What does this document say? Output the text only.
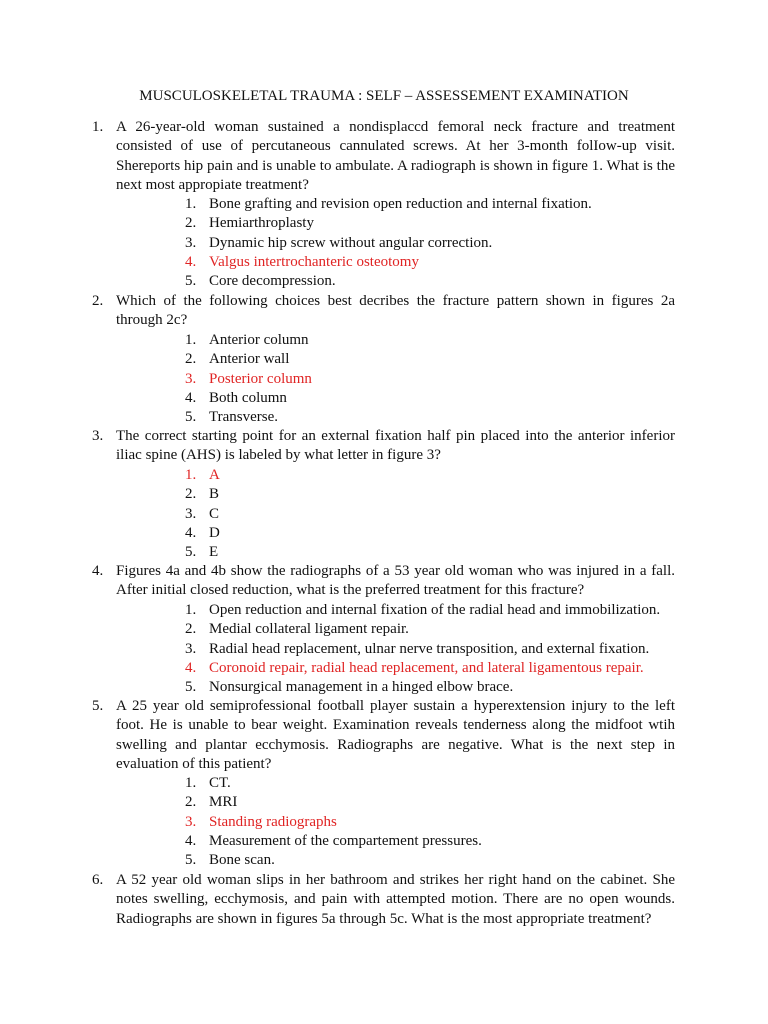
MUSCULOSKELETAL TRAUMA : SELF – ASSESSEMENT EXAMINATION
1. A 26-year-old woman sustained a nondisplaccd femoral neck fracture and treatment consisted of use of percutaneous cannulated screws. At her 3-month folIow-up visit. Shereports hip pain and is unable to ambulate. A radiograph is shown in figure 1. What is the next most appropiate treatment?
1. Bone grafting and revision open reduction and internal fixation.
2. Hemiarthroplasty
3. Dynamic hip screw without angular correction.
4. Valgus intertrochanteric osteotomy
5. Core decompression.
2. Which of the following choices best decribes the fracture pattern shown in figures 2a through 2c?
1. Anterior column
2. Anterior wall
3. Posterior column
4. Both column
5. Transverse.
3. The correct starting point for an external fixation half pin placed into the anterior inferior iliac spine (AHS) is labeled by what letter in figure 3?
1. A
2. B
3. C
4. D
5. E
4. Figures 4a and 4b show the radiographs of a 53 year old woman who was injured in a fall. After initial closed reduction, what is the preferred treatment for this fracture?
1. Open reduction and internal fixation of the radial head and immobilization.
2. Medial collateral ligament repair.
3. Radial head replacement, ulnar nerve transposition, and external fixation.
4. Coronoid repair, radial head replacement, and lateral ligamentous repair.
5. Nonsurgical management in a hinged elbow brace.
5. A 25 year old semiprofessional football player sustain a hyperextension injury to the left foot. He is unable to bear weight. Examination reveals tenderness along the midfoot wtih swelling and plantar ecchymosis. Radiographs are negative. What is the next step in evaluation of this patient?
1. CT.
2. MRI
3. Standing radiographs
4. Measurement of the compartement pressures.
5. Bone scan.
6. A 52 year old woman slips in her bathroom and strikes her right hand on the cabinet. She notes swelling, ecchymosis, and pain with attempted motion. There are no open wounds. Radiographs are shown in figures 5a through 5c. What is the most appropriate treatment?
